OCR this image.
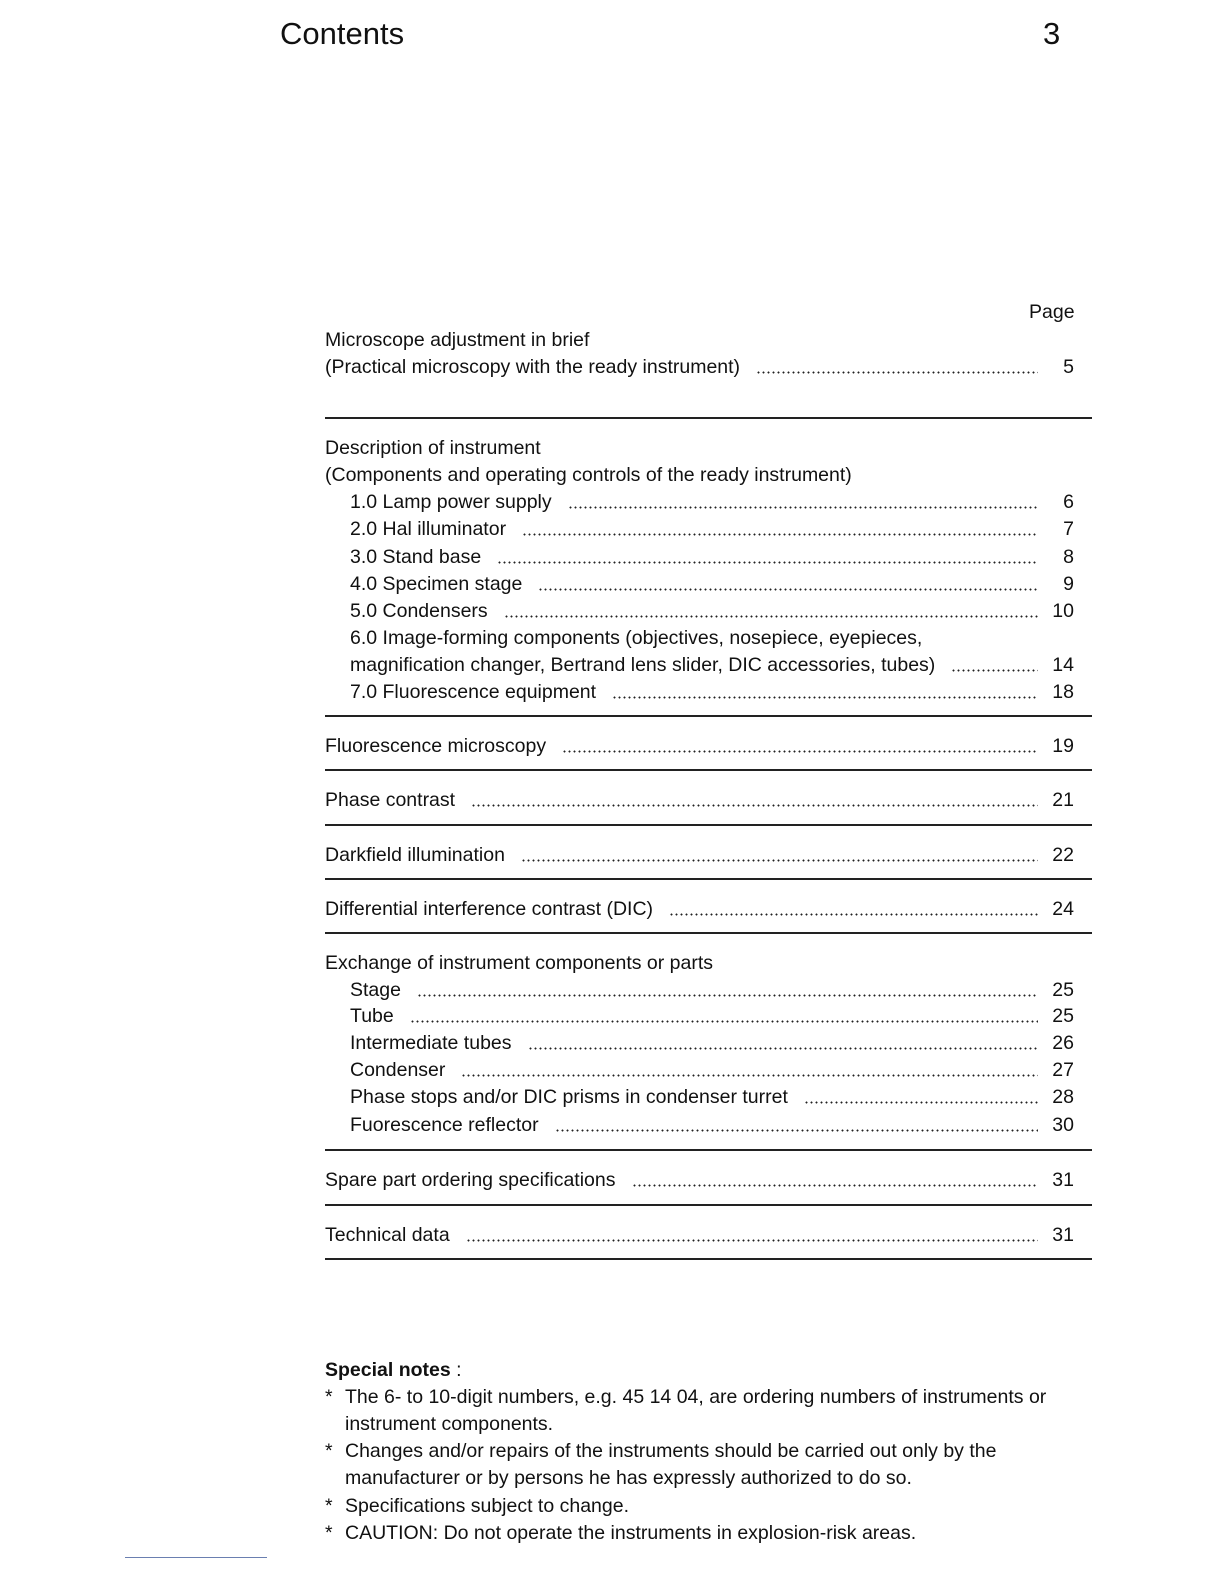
Contents	3
Page
Microscope adjustment in brief
(Practical microscopy with the ready instrument)	5
Description of instrument
(Components and operating controls of the ready instrument)
1.0 Lamp power supply	6
2.0 Hal illuminator	7
3.0 Stand base	8
4.0 Specimen stage	9
5.0 Condensers	10
6.0 Image-forming components (objectives, nosepiece, eyepieces,
magnification changer, Bertrand lens slider, DIC accessories, tubes)	14
7.0 Fluorescence equipment	18
Fluorescence microscopy	19
Phase contrast	21
Darkfield illumination	22
Differential interference contrast (DIC)	24
Exchange of instrument components or parts
Stage	25
Tube	25
Intermediate tubes	26
Condenser	27
Phase stops and/or DIC prisms in condenser turret	28
Fuorescence reflector	30
Spare part ordering specifications	31
Technical data	31
Special notes :
* The 6- to 10-digit numbers, e.g. 45 14 04, are ordering numbers of instruments or
instrument components.
* Changes and/or repairs of the instruments should be carried out only by the
manufacturer or by persons he has expressly authorized to do so.
* Specifications subject to change.
* CAUTION: Do not operate the instruments in explosion-risk areas.
